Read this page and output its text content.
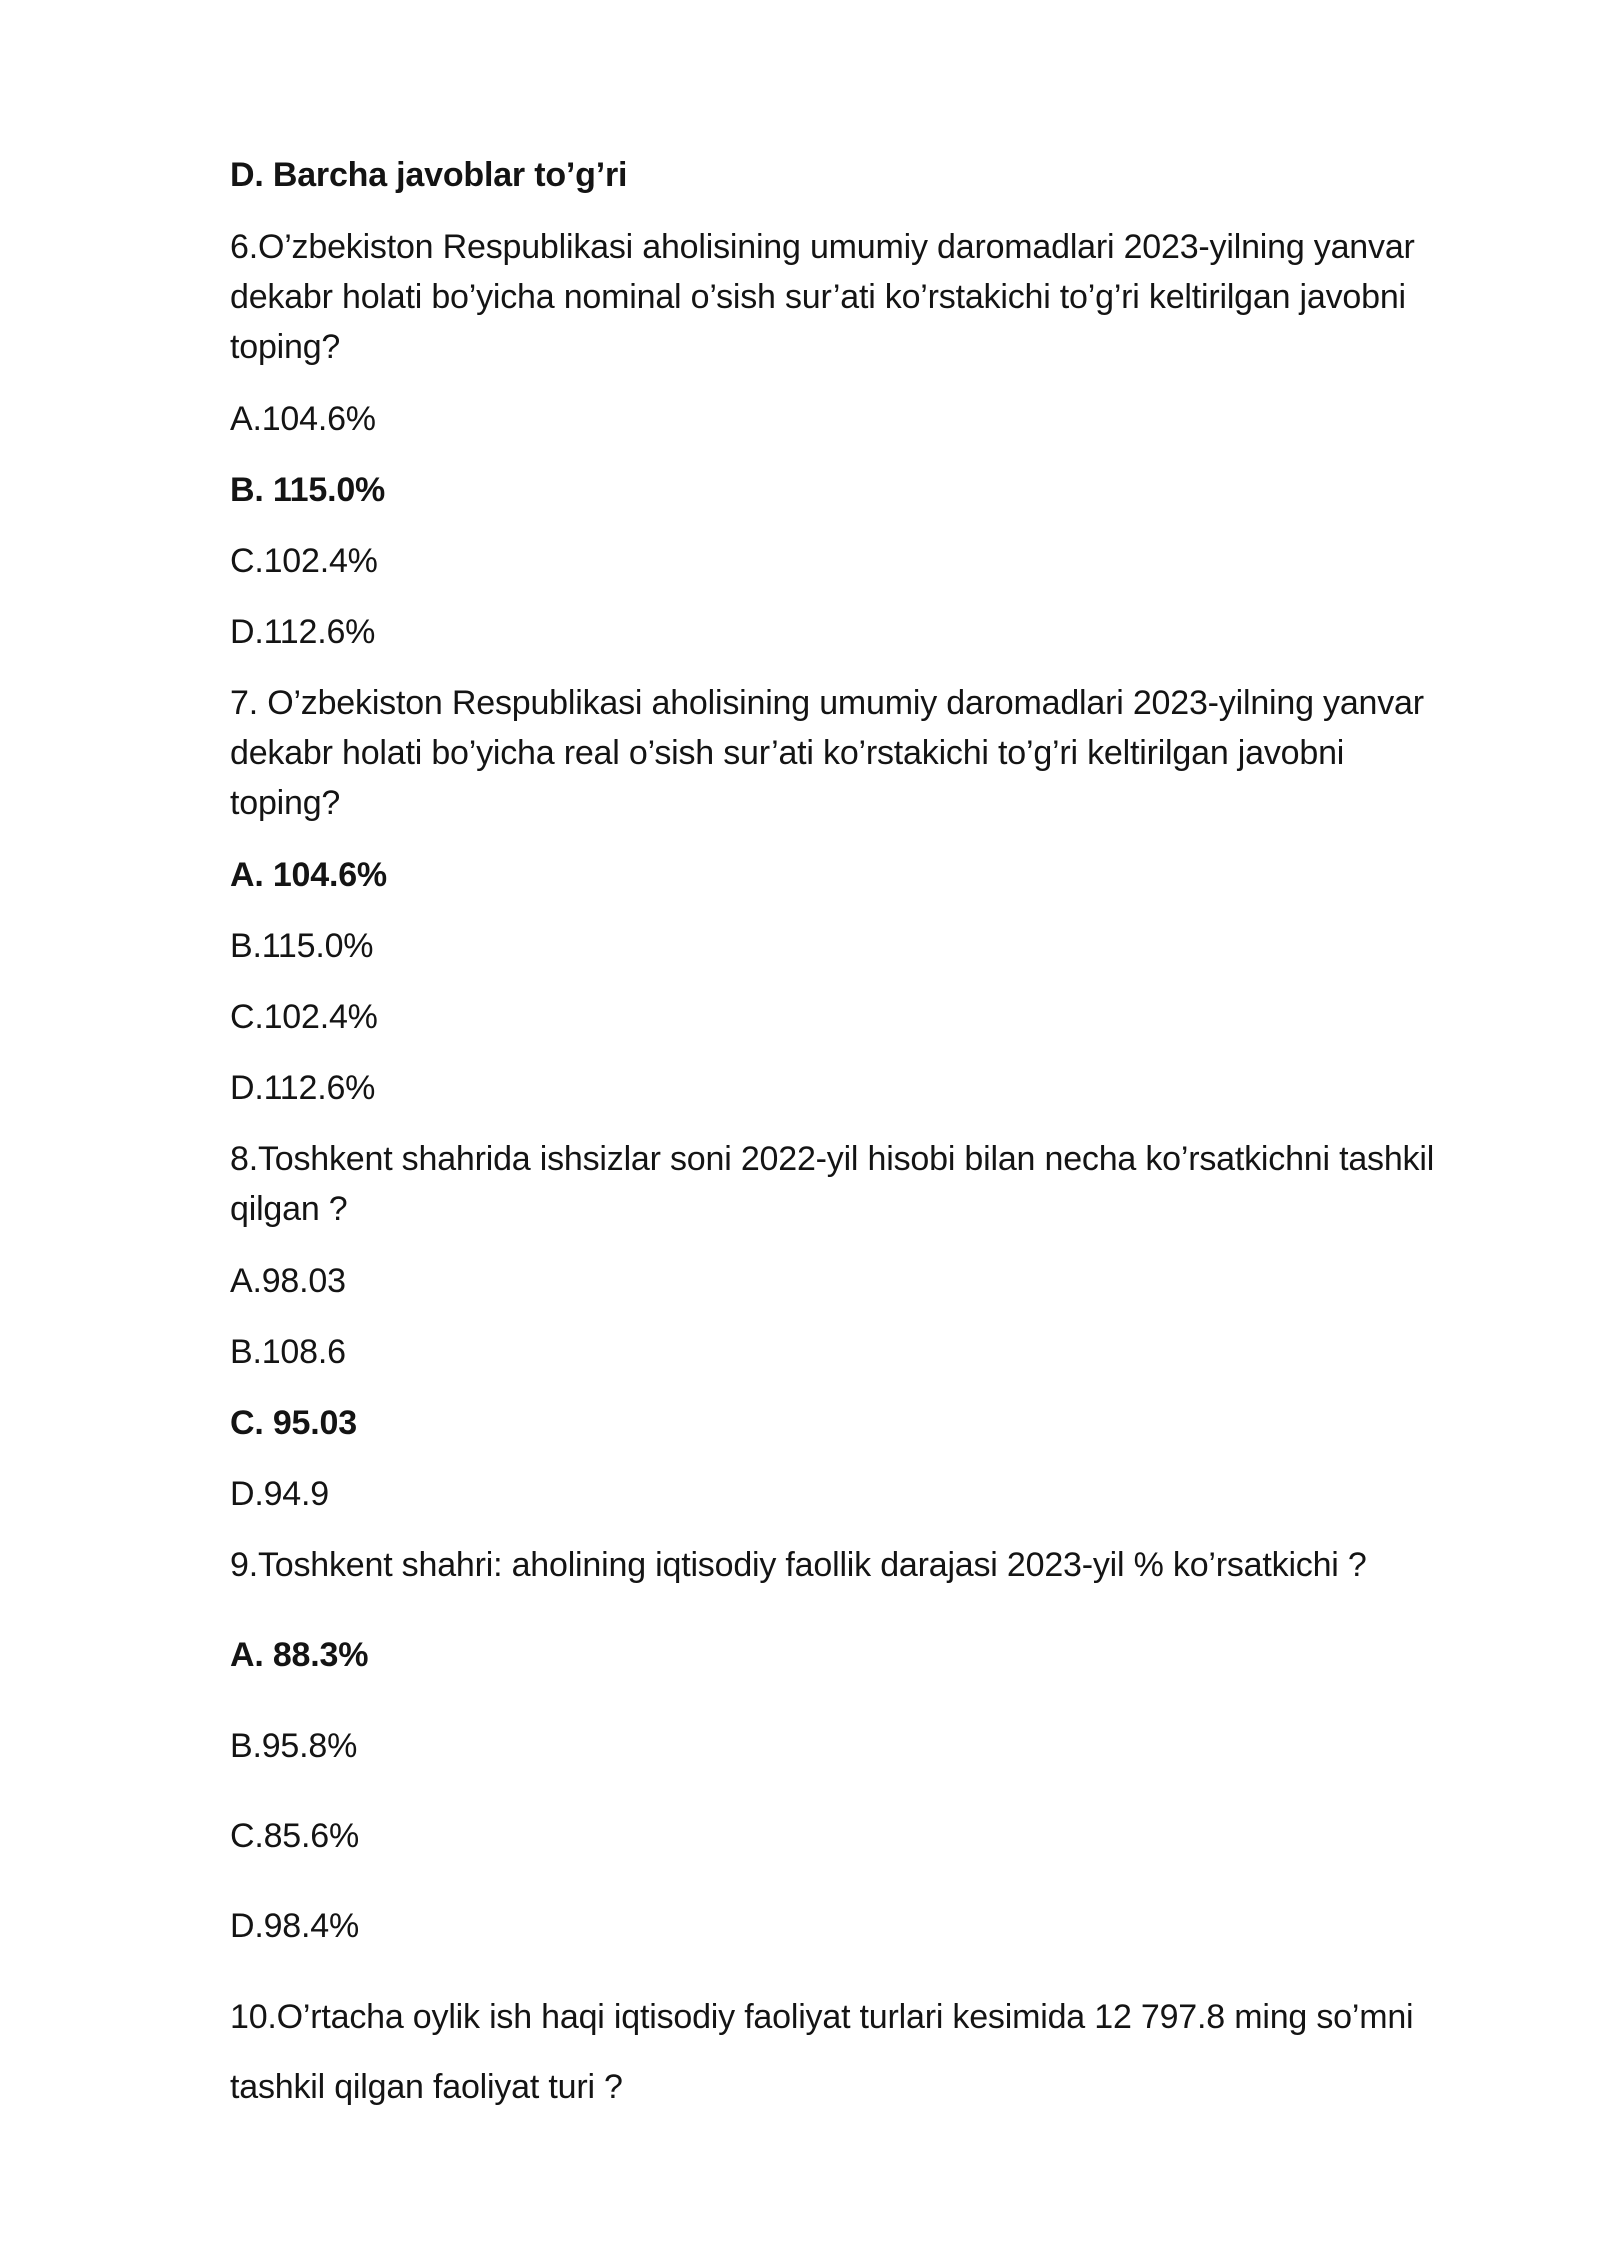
D. Barcha javoblar to’g’ri
6.O’zbekiston Respublikasi aholisining umumiy daromadlari 2023-yilning yanvar
dekabr holati bo’yicha nominal o’sish sur’ati ko’rstakichi to’g’ri keltirilgan javobni
toping?
A.104.6%
B. 115.0%
C.102.4%
D.112.6%
7. O’zbekiston Respublikasi aholisining umumiy daromadlari 2023-yilning yanvar
dekabr holati bo’yicha real o’sish sur’ati ko’rstakichi to’g’ri keltirilgan javobni
toping?
A. 104.6%
B.115.0%
C.102.4%
D.112.6%
8.Toshkent shahrida ishsizlar soni 2022-yil hisobi bilan necha ko’rsatkichni tashkil
qilgan ?
A.98.03
B.108.6
C. 95.03
D.94.9
9.Toshkent shahri: aholining iqtisodiy faollik darajasi 2023-yil % ko’rsatkichi ?
A. 88.3%
B.95.8%
C.85.6%
D.98.4%
10.O’rtacha oylik ish haqi iqtisodiy faoliyat turlari kesimida 12 797.8 ming so’mni
tashkil qilgan faoliyat turi ?
